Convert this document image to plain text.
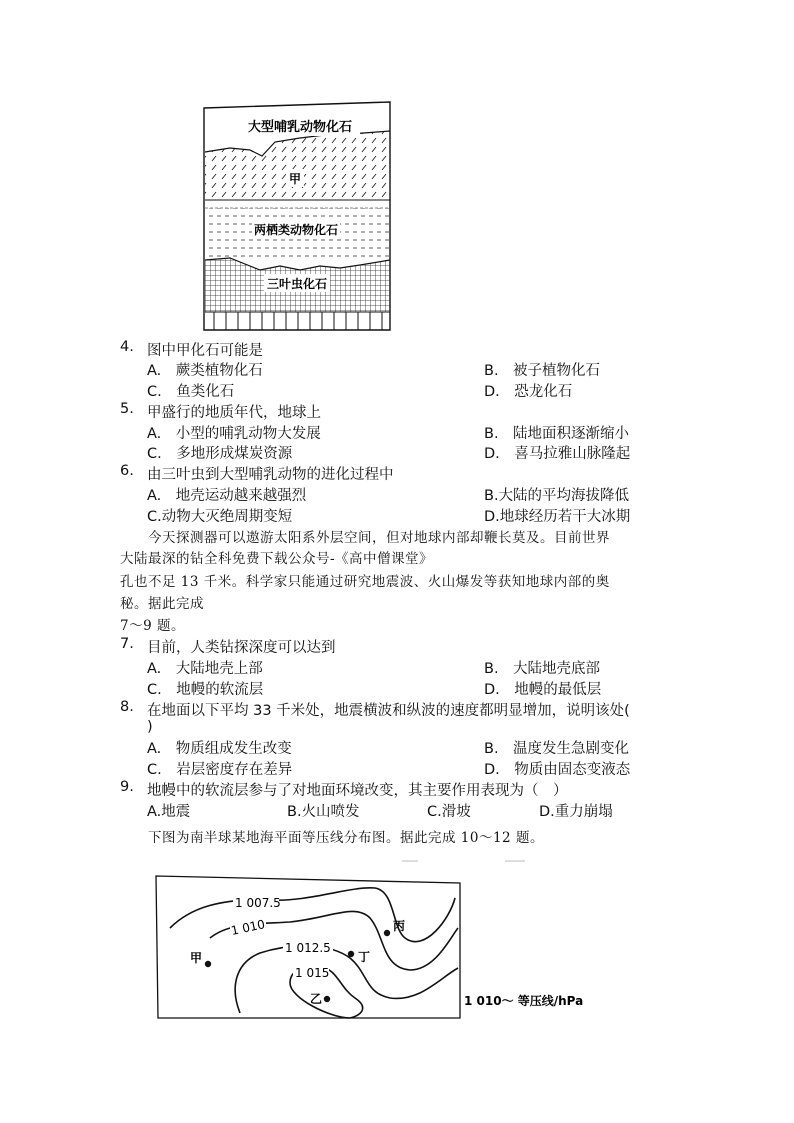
大型哺乳动物化石
甲
两栖类动物化石
三叶虫化石
4. 图中甲化石可能是
A.　蕨类植物化石	B.　被子植物化石
C.　鱼类化石	D.　恐龙化石
5. 甲盛行的地质年代，地球上
A.　小型的哺乳动物大发展	B.　陆地面积逐渐缩小
C.　多地形成煤炭资源	D.　喜马拉雅山脉隆起
6. 由三叶虫到大型哺乳动物的进化过程中
A.　地壳运动越来越强烈	B.大陆的平均海拔降低
C.动物大灭绝周期变短	D.地球经历若干大冰期
今天探测器可以遨游太阳系外层空间，但对地球内部却鞭长莫及。目前世界
大陆最深的钻全科免费下载公众号-《高中僧课堂》
孔也不足 13 千米。科学家只能通过研究地震波、火山爆发等获知地球内部的奥
秘。据此完成
7～9 题。
7. 目前，人类钻探深度可以达到
A.　大陆地壳上部	B.　大陆地壳底部
C.　地幔的软流层	D.　地幔的最低层
8. 在地面以下平均 33 千米处，地震横波和纵波的速度都明显增加，说明该处(
)
A.　物质组成发生改变	B.　温度发生急剧变化
C.　岩层密度存在差异	D.　物质由固态变液态
9. 地幔中的软流层参与了对地面环境改变，其主要作用表现为（　）
A.地震	B.火山喷发	C.滑坡	D.重力崩塌
下图为南半球某地海平面等压线分布图。据此完成 10～12 题。
1 007.5
1 010
1 012.5
1 015
甲
乙
丙
丁
1 010～ 等压线/hPa
